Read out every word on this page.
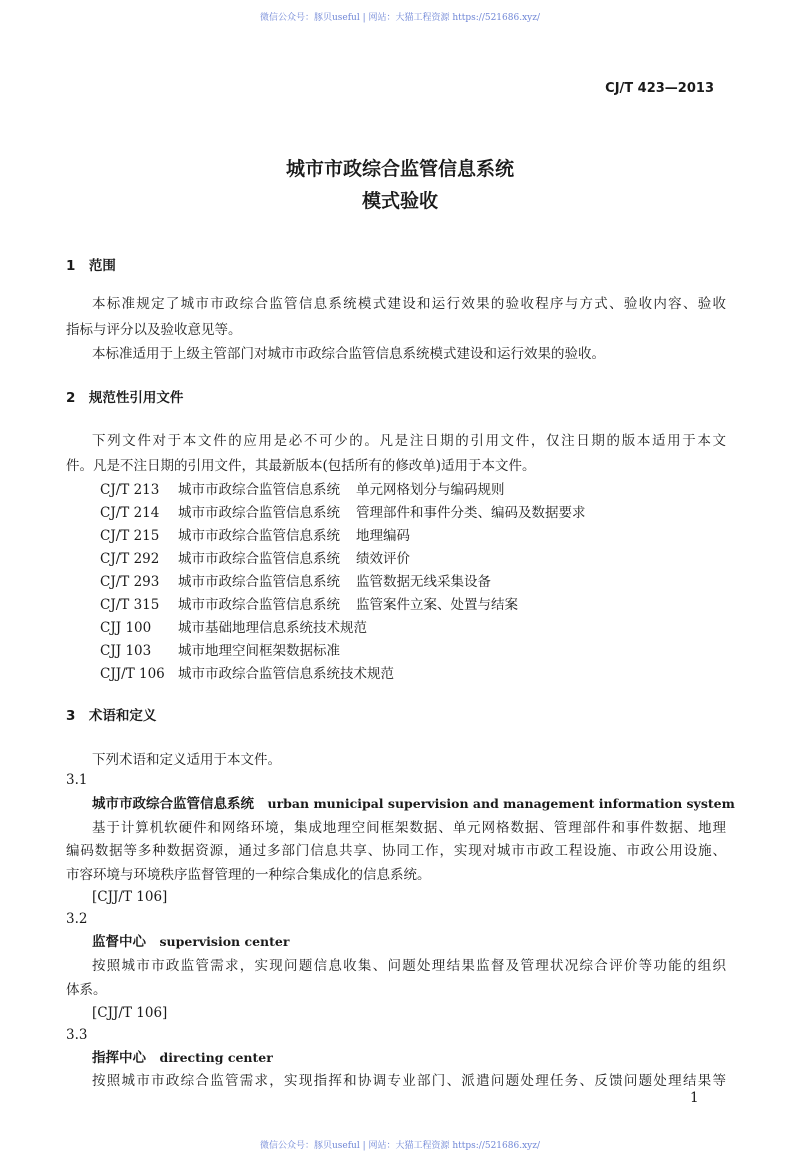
微信公众号：豚贝useful | 网站：大猫工程资源 https://521686.xyz/
CJ/T 423—2013
城市市政综合监管信息系统
模式验收
1　范围
本标准规定了城市市政综合监管信息系统模式建设和运行效果的验收程序与方式、验收内容、验收
指标与评分以及验收意见等。
本标准适用于上级主管部门对城市市政综合监管信息系统模式建设和运行效果的验收。
2　规范性引用文件
下列文件对于本文件的应用是必不可少的。凡是注日期的引用文件，仅注日期的版本适用于本文
件。凡是不注日期的引用文件，其最新版本(包括所有的修改单)适用于本文件。
CJ/T 213	城市市政综合监管信息系统 单元网格划分与编码规则
CJ/T 214	城市市政综合监管信息系统 管理部件和事件分类、编码及数据要求
CJ/T 215	城市市政综合监管信息系统 地理编码
CJ/T 292	城市市政综合监管信息系统 绩效评价
CJ/T 293	城市市政综合监管信息系统 监管数据无线采集设备
CJ/T 315	城市市政综合监管信息系统 监管案件立案、处置与结案
CJJ 100	城市基础地理信息系统技术规范
CJJ 103	城市地理空间框架数据标准
CJJ/T 106 城市市政综合监管信息系统技术规范
3　术语和定义
下列术语和定义适用于本文件。
3.1
城市市政综合监管信息系统　 urban municipal supervision and management information system
基于计算机软硬件和网络环境，集成地理空间框架数据、单元网格数据、管理部件和事件数据、地理
编码数据等多种数据资源，通过多部门信息共享、协同工作，实现对城市市政工程设施、市政公用设施、
市容环境与环境秩序监督管理的一种综合集成化的信息系统。
[CJJ/T 106]
3.2
监督中心　 supervision center
按照城市市政监管需求，实现问题信息收集、问题处理结果监督及管理状况综合评价等功能的组织
体系。
[CJJ/T 106]
3.3
指挥中心　 directing center
按照城市市政综合监管需求，实现指挥和协调专业部门、派遣问题处理任务、反馈问题处理结果等
1
微信公众号：豚贝useful | 网站：大猫工程资源 https://521686.xyz/
